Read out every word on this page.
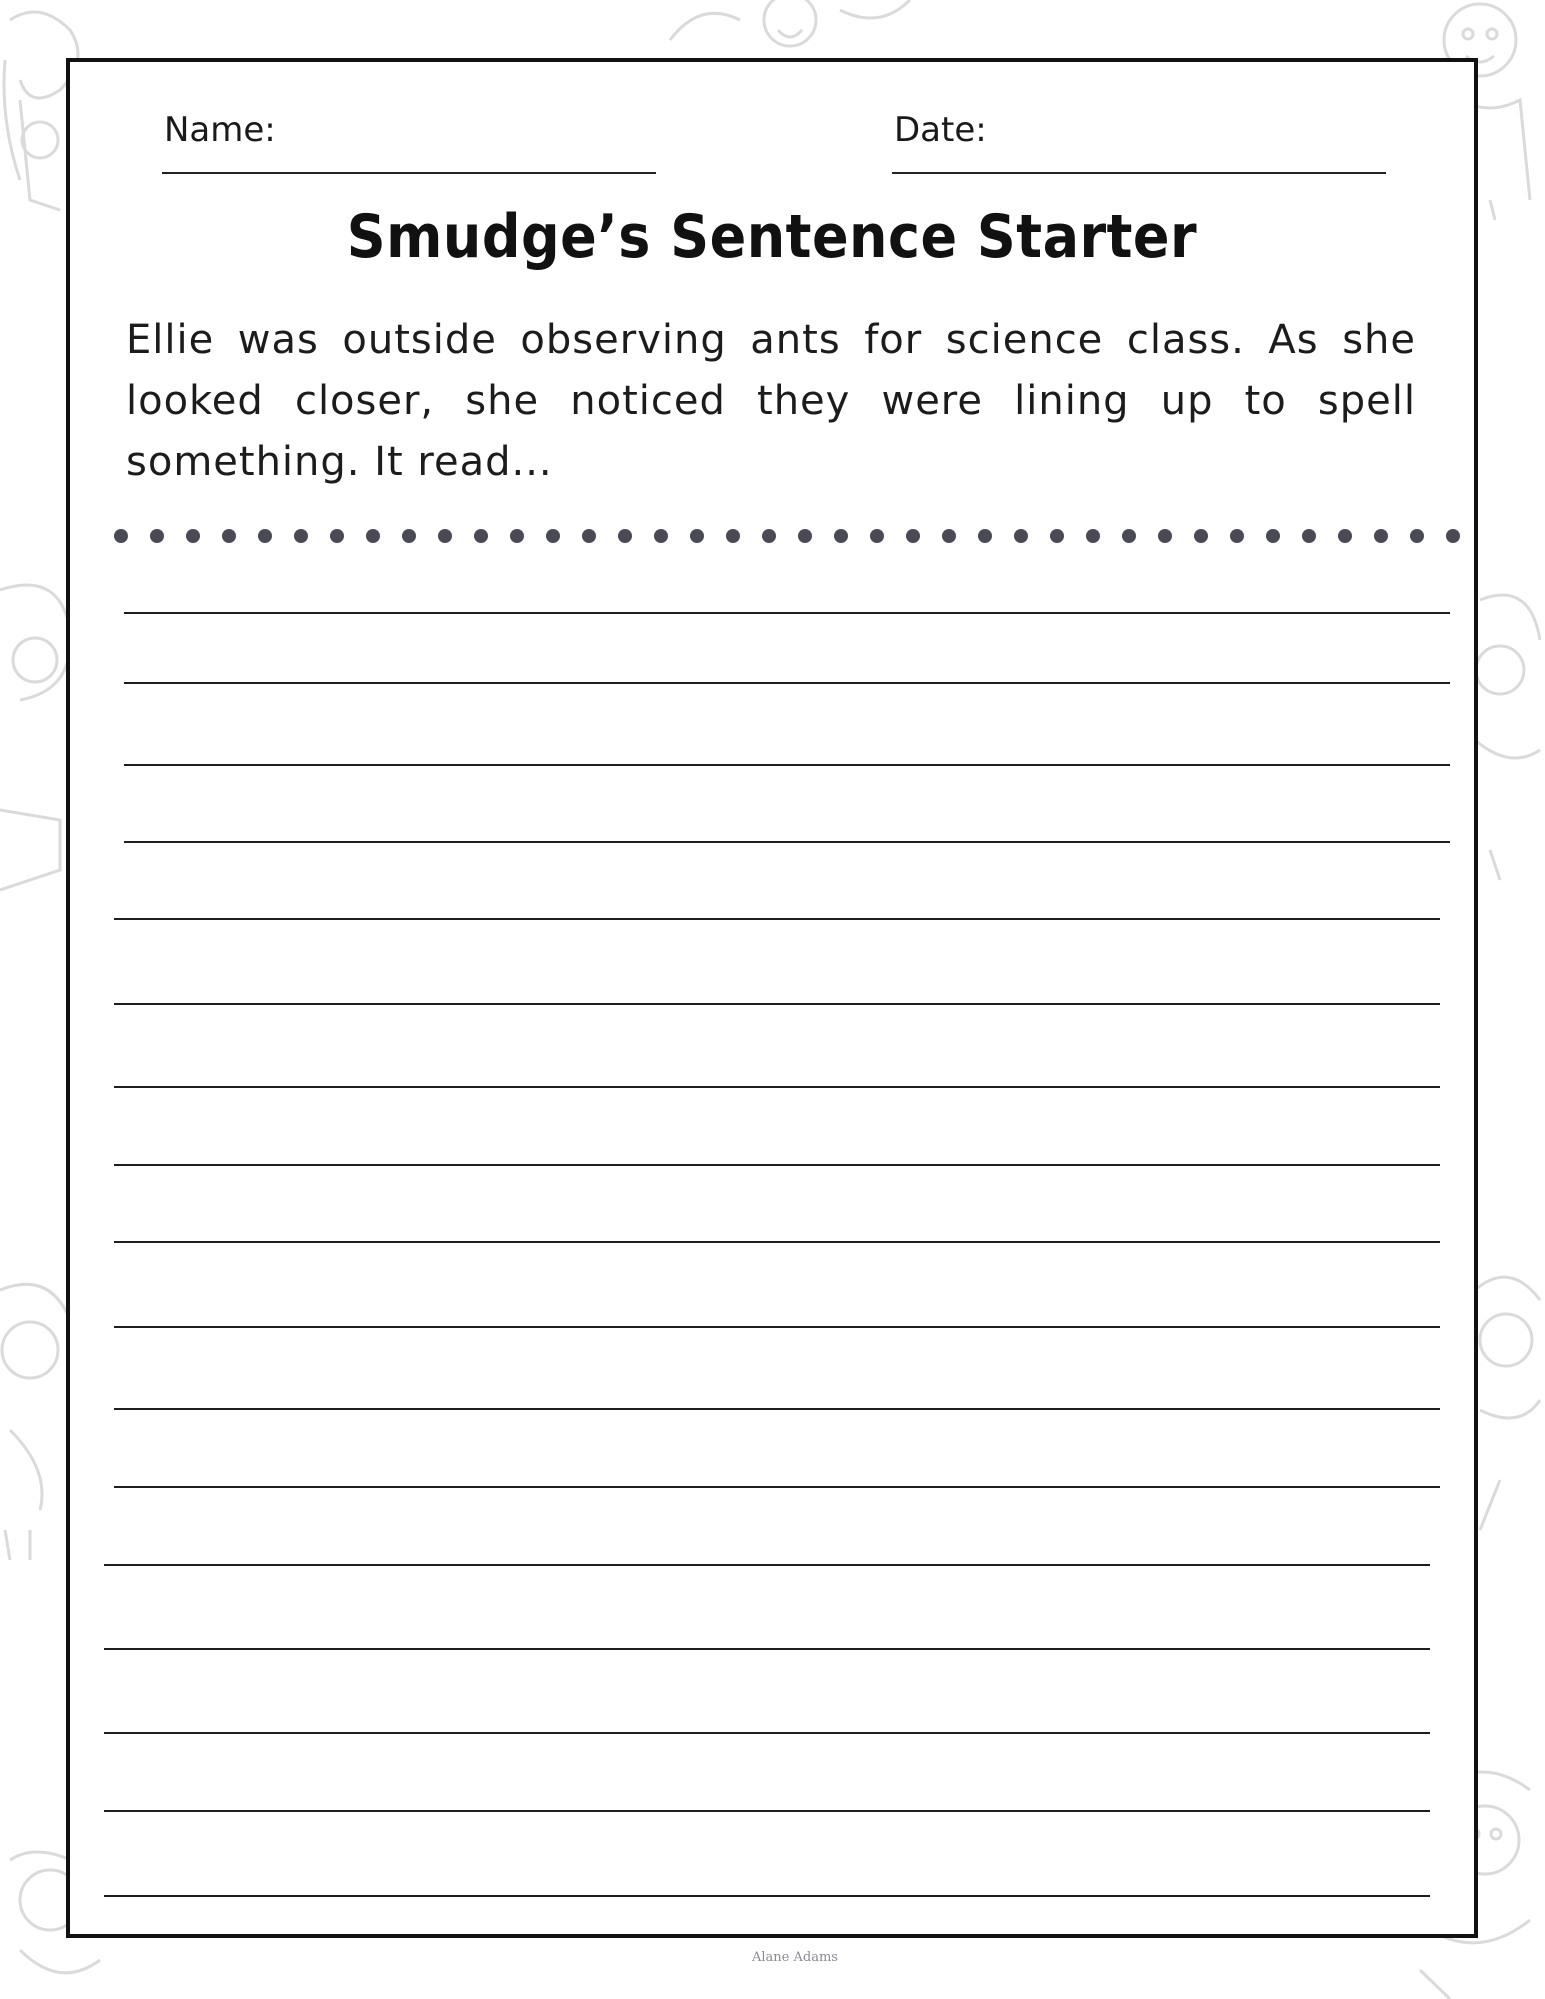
Name:	Date:
Smudge’s Sentence Starter
Ellie was outside observing ants for science class. As she looked closer, she noticed they were lining up to spell something. It read...
Alane Adams
